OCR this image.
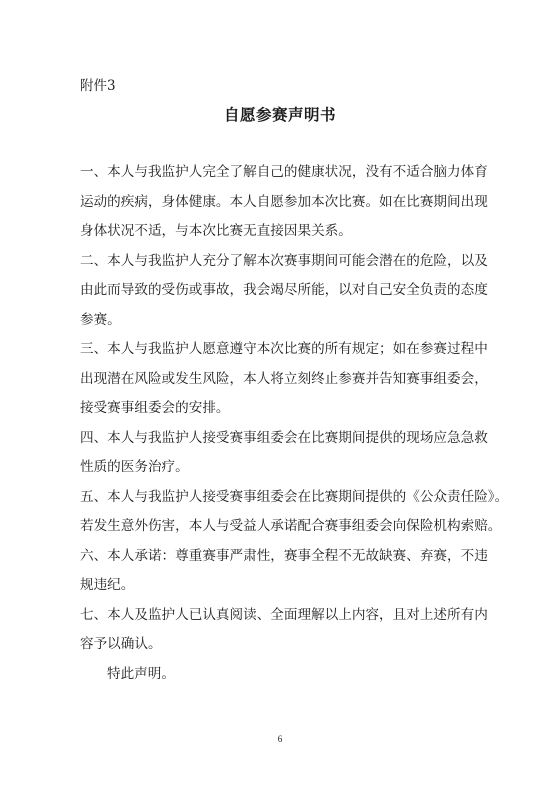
附件3
自愿参赛声明书
一、本人与我监护人完全了解自己的健康状况，没有不适合脑力体育
运动的疾病，身体健康。本人自愿参加本次比赛。如在比赛期间出现
身体状况不适，与本次比赛无直接因果关系。
二、本人与我监护人充分了解本次赛事期间可能会潜在的危险，以及
由此而导致的受伤或事故，我会竭尽所能，以对自己安全负责的态度
参赛。
三、本人与我监护人愿意遵守本次比赛的所有规定；如在参赛过程中
出现潜在风险或发生风险，本人将立刻终止参赛并告知赛事组委会，
接受赛事组委会的安排。
四、本人与我监护人接受赛事组委会在比赛期间提供的现场应急急救
性质的医务治疗。
五、本人与我监护人接受赛事组委会在比赛期间提供的《公众责任险》。
若发生意外伤害，本人与受益人承诺配合赛事组委会向保险机构索赔。
六、本人承诺：尊重赛事严肃性，赛事全程不无故缺赛、弃赛，不违
规违纪。
七、本人及监护人已认真阅读、全面理解以上内容，且对上述所有内
容予以确认。
特此声明。
6
